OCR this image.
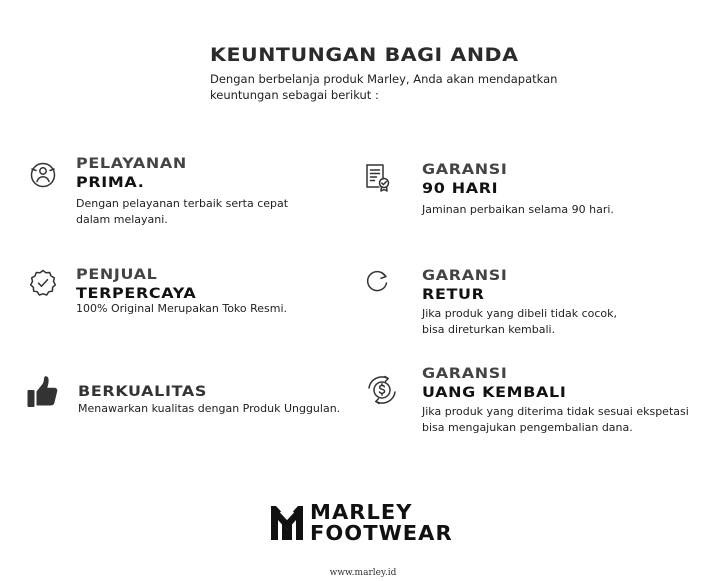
KEUNTUNGAN BAGI ANDA
Dengan berbelanja produk Marley, Anda akan mendapatkan
keuntungan sebagai berikut :
PELAYANAN
PRIMA.
Dengan pelayanan terbaik serta cepat
dalam melayani.
GARANSI
90 HARI
Jaminan perbaikan selama 90 hari.
PENJUAL
TERPERCAYA
100% Original Merupakan Toko Resmi.
GARANSI
RETUR
Jika produk yang dibeli tidak cocok,
bisa direturkan kembali.
BERKUALITAS
Menawarkan kualitas dengan Produk Unggulan.
GARANSI
UANG KEMBALI
Jika produk yang diterima tidak sesuai ekspetasi
bisa mengajukan pengembalian dana.
MARLEY
FOOTWEAR
www.marley.id
